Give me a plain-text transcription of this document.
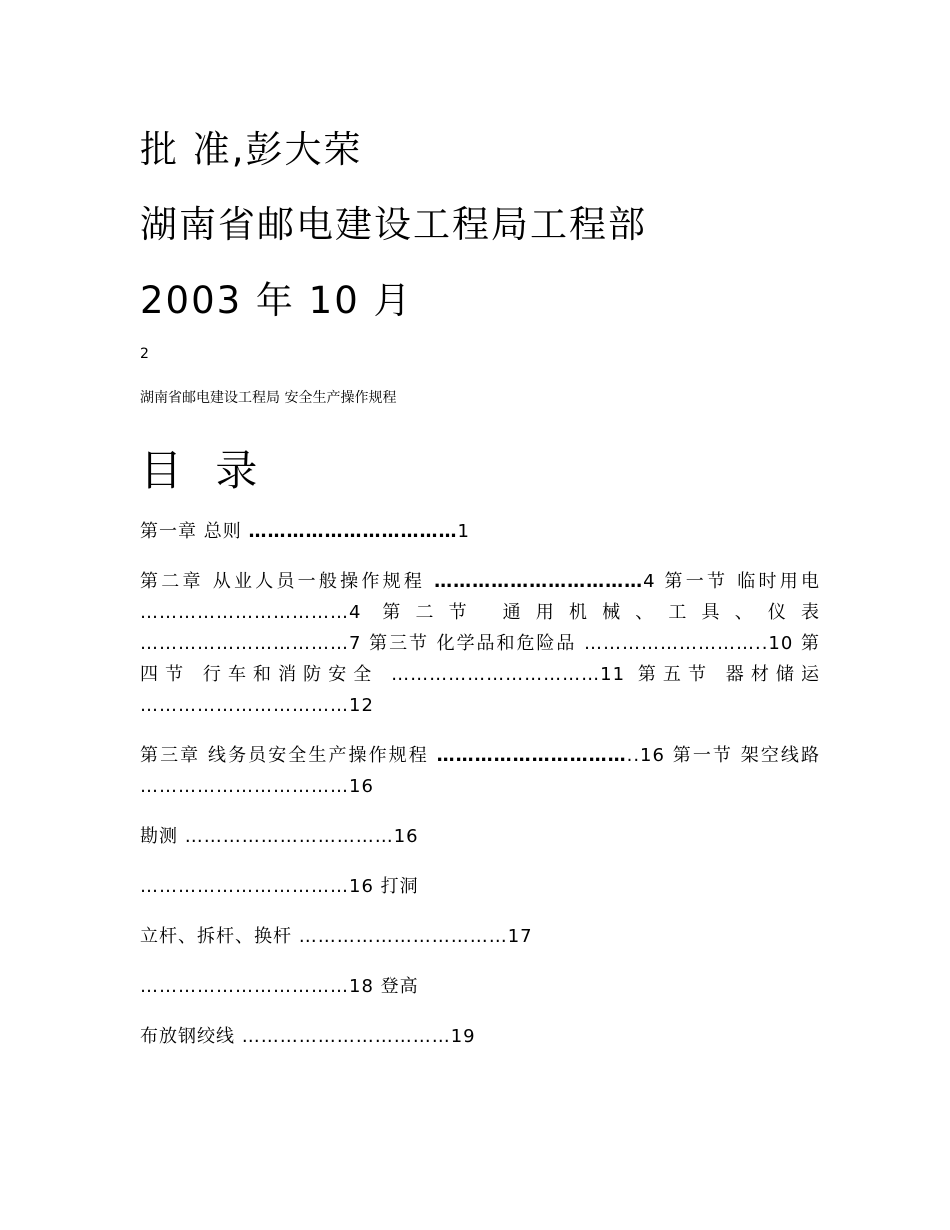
批 准,彭大荣
湖南省邮电建设工程局工程部
2003 年 10 月
2
湖南省邮电建设工程局 安全生产操作规程
目 录
第一章 总则 ……………………………1
第二章 从业人员一般操作规程 ……………………………4 第一节 临时用电 ……………………………4 第二节 通用机械、工具、仪表 ……………………………7 第三节 化学品和危险品 ………………………..10 第四节 行车和消防安全 ……………………………11 第五节 器材储运 ……………………………12
第三章 线务员安全生产操作规程 …………………………..16 第一节 架空线路 ……………………………16
勘测 ……………………………16
……………………………16 打洞
立杆、拆杆、换杆 ……………………………17
……………………………18 登高
布放钢绞线 ……………………………19
